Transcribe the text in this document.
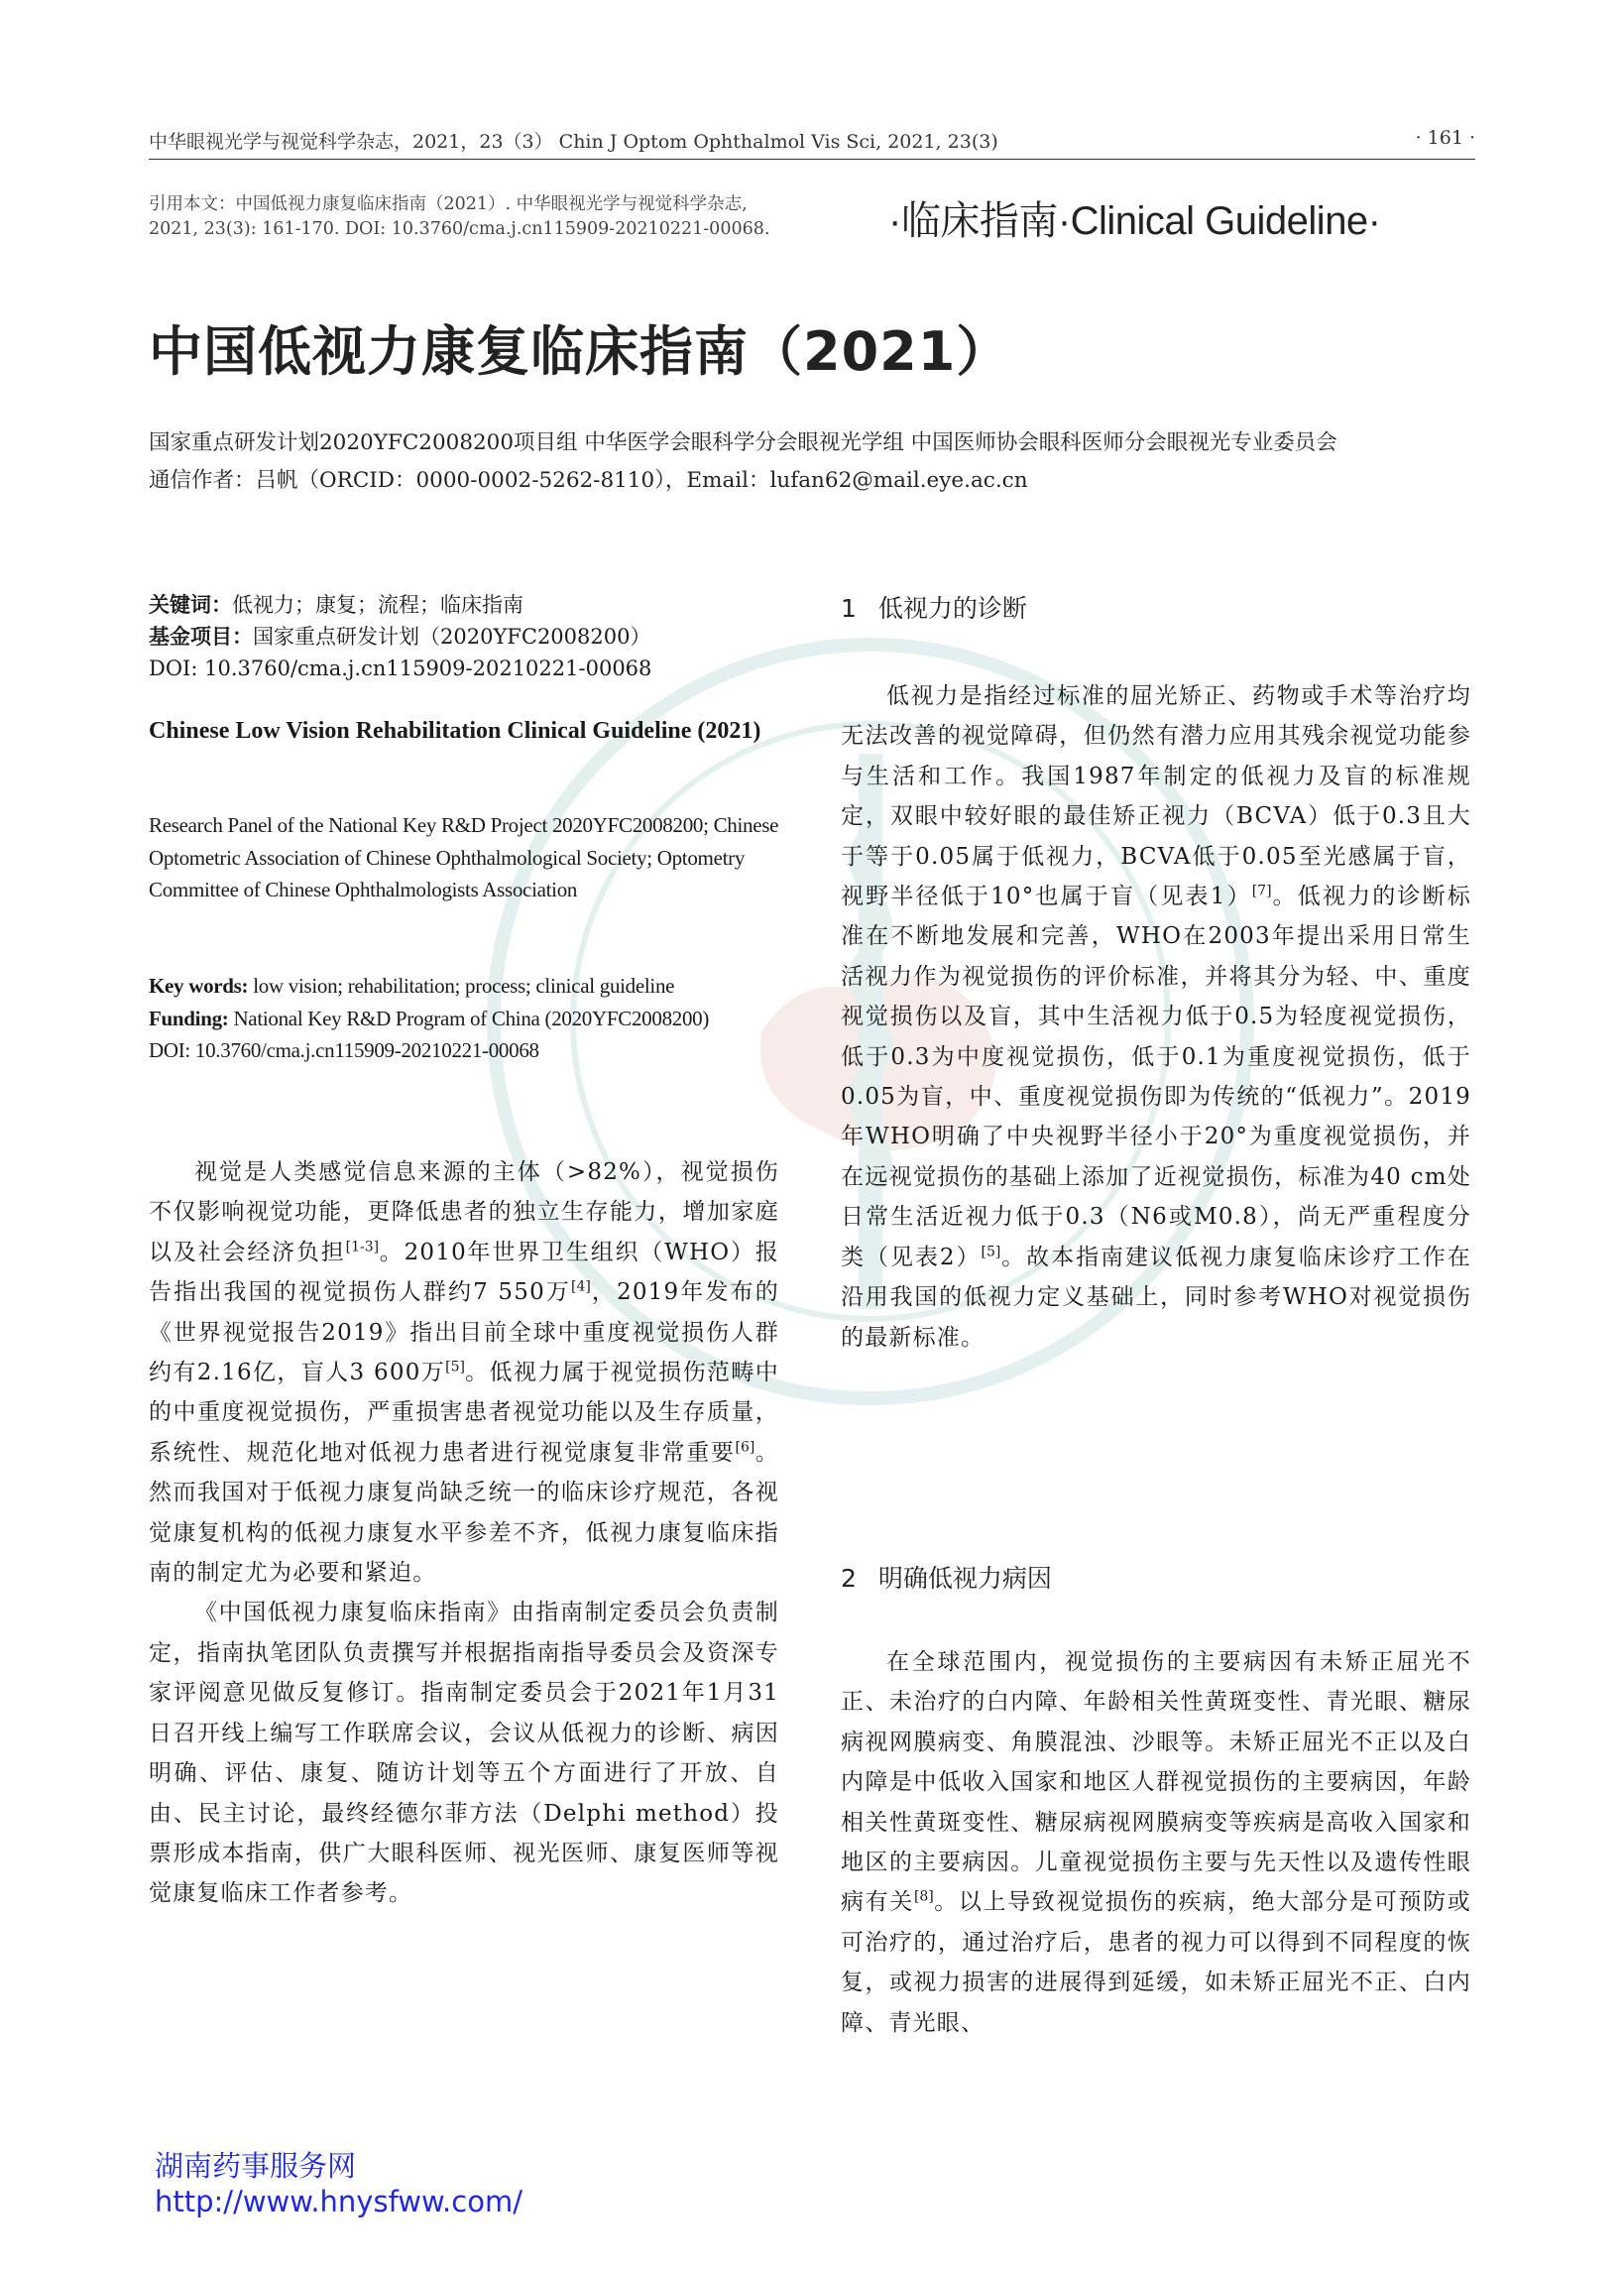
中华眼视光学与视觉科学杂志，2021，23（3） Chin J Optom Ophthalmol Vis Sci, 2021, 23(3)	· 161 ·
引用本文：中国低视力康复临床指南（2021）. 中华眼视光学与视觉科学杂志,
2021, 23(3): 161-170. DOI: 10.3760/cma.j.cn115909-20210221-00068.	·临床指南·Clinical Guideline·
中国低视力康复临床指南（2021）
国家重点研发计划2020YFC2008200项目组 中华医学会眼科学分会眼视光学组 中国医师协会眼科医师分会眼视光专业委员会
通信作者：吕帆（ORCID：0000-0002-5262-8110），Email：lufan62@mail.eye.ac.cn
关键词：低视力；康复；流程；临床指南
基金项目：国家重点研发计划（2020YFC2008200）
DOI: 10.3760/cma.j.cn115909-20210221-00068
Chinese Low Vision Rehabilitation Clinical Guideline (2021)
Research Panel of the National Key R&D Project 2020YFC2008200; Chinese Optometric Association of Chinese Ophthalmological Society; Optometry Committee of Chinese Ophthalmologists Association
Key words: low vision; rehabilitation; process; clinical guideline
Funding: National Key R&D Program of China (2020YFC2008200)
DOI: 10.3760/cma.j.cn115909-20210221-00068

视觉是人类感觉信息来源的主体（>82%），视觉损伤不仅影响视觉功能，更降低患者的独立生存能力，增加家庭以及社会经济负担[1-3]。2010年世界卫生组织（WHO）报告指出我国的视觉损伤人群约7 550万[4]，2019年发布的《世界视觉报告2019》指出目前全球中重度视觉损伤人群约有2.16亿，盲人3 600万[5]。低视力属于视觉损伤范畴中的中重度视觉损伤，严重损害患者视觉功能以及生存质量，系统性、规范化地对低视力患者进行视觉康复非常重要[6]。然而我国对于低视力康复尚缺乏统一的临床诊疗规范，各视觉康复机构的低视力康复水平参差不齐，低视力康复临床指南的制定尤为必要和紧迫。

《中国低视力康复临床指南》由指南制定委员会负责制定，指南执笔团队负责撰写并根据指南指导委员会及资深专家评阅意见做反复修订。指南制定委员会于2021年1月31日召开线上编写工作联席会议，会议从低视力的诊断、病因明确、评估、康复、随访计划等五个方面进行了开放、自由、民主讨论，最终经德尔菲方法（Delphi method）投票形成本指南，供广大眼科医师、视光医师、康复医师等视觉康复临床工作者参考。

1 低视力的诊断

低视力是指经过标准的屈光矫正、药物或手术等治疗均无法改善的视觉障碍，但仍然有潜力应用其残余视觉功能参与生活和工作。我国1987年制定的低视力及盲的标准规定，双眼中较好眼的最佳矫正视力（BCVA）低于0.3且大于等于0.05属于低视力，BCVA低于0.05至光感属于盲，视野半径低于10°也属于盲（见表1）[7]。低视力的诊断标准在不断地发展和完善，WHO在2003年提出采用日常生活视力作为视觉损伤的评价标准，并将其分为轻、中、重度视觉损伤以及盲，其中生活视力低于0.5为轻度视觉损伤，低于0.3为中度视觉损伤，低于0.1为重度视觉损伤，低于0.05为盲，中、重度视觉损伤即为传统的“低视力”。2019年WHO明确了中央视野半径小于20°为重度视觉损伤，并在远视觉损伤的基础上添加了近视觉损伤，标准为40 cm处日常生活近视力低于0.3（N6或M0.8），尚无严重程度分类（见表2）[5]。故本指南建议低视力康复临床诊疗工作在沿用我国的低视力定义基础上，同时参考WHO对视觉损伤的最新标准。

2 明确低视力病因

在全球范围内，视觉损伤的主要病因有未矫正屈光不正、未治疗的白内障、年龄相关性黄斑变性、青光眼、糖尿病视网膜病变、角膜混浊、沙眼等。未矫正屈光不正以及白内障是中低收入国家和地区人群视觉损伤的主要病因，年龄相关性黄斑变性、糖尿病视网膜病变等疾病是高收入国家和地区的主要病因。儿童视觉损伤主要与先天性以及遗传性眼病有关[8]。以上导致视觉损伤的疾病，绝大部分是可预防或可治疗的，通过治疗后，患者的视力可以得到不同程度的恢复，或视力损害的进展得到延缓，如未矫正屈光不正、白内障、青光眼、

湖南药事服务网
http://www.hnysfww.com/
